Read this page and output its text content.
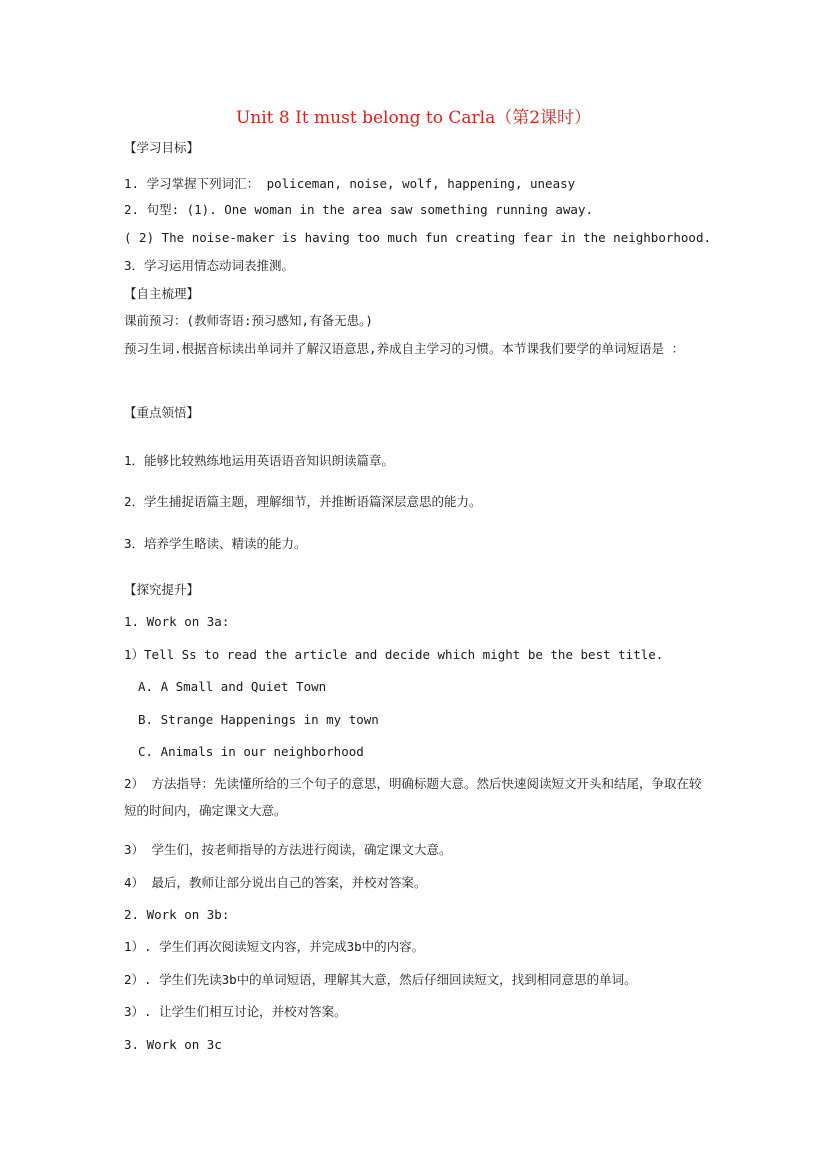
Unit 8 It must belong to Carla（第2课时）
【学习目标】
1. 学习掌握下列词汇： policeman, noise, wolf, happening, uneasy
2. 句型: (1). One woman in the area saw something running away.
( 2) The noise-maker is having too much fun creating fear in the neighborhood.
3．学习运用情态动词表推测。
【自主梳理】
课前预习：(教师寄语:预习感知,有备无患。)
预习生词.根据音标读出单词并了解汉语意思,养成自主学习的习惯。本节课我们要学的单词短语是 ：
【重点领悟】
1．能够比较熟练地运用英语语音知识朗读篇章。
2．学生捕捉语篇主题，理解细节，并推断语篇深层意思的能力。
3．培养学生略读、精读的能力。
【探究提升】
1. Work on 3a:
1）Tell Ss to read the article and decide which might be the best title.
A. A Small and Quiet Town
B. Strange Happenings in my town
C. Animals in our neighborhood
2） 方法指导：先读懂所给的三个句子的意思，明确标题大意。然后快速阅读短文开头和结尾，争取在较短的时间内，确定课文大意。
3） 学生们，按老师指导的方法进行阅读，确定课文大意。
4） 最后，教师让部分说出自己的答案，并校对答案。
2. Work on 3b:
1）. 学生们再次阅读短文内容，并完成3b中的内容。
2）. 学生们先读3b中的单词短语，理解其大意，然后仔细回读短文，找到相同意思的单词。
3）. 让学生们相互讨论，并校对答案。
3. Work on 3c
